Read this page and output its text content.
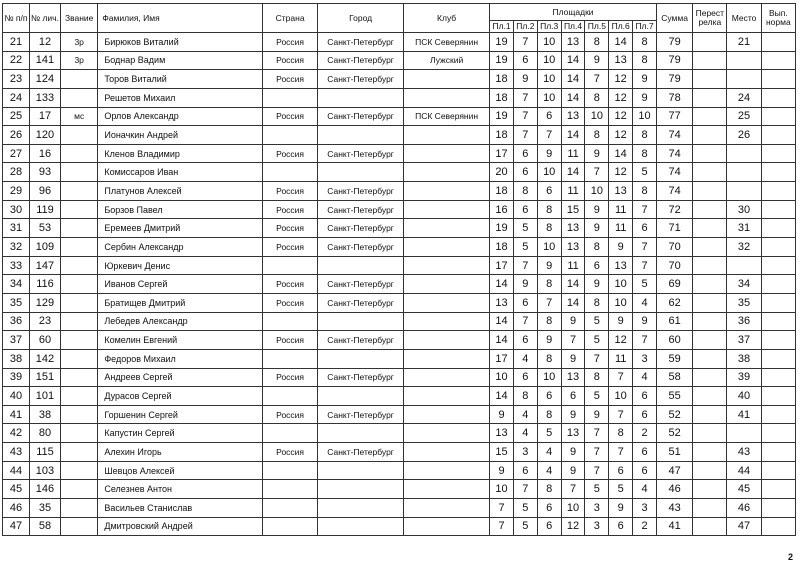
№ п/п	№ лич.	Звание	Фамилия, Имя	Страна	Город	Клуб	Площадки							Сумма	Перест релка	Место	Вып. норма
							Пл.1	Пл.2	Пл.3	Пл.4	Пл.5	Пл.6	Пл.7				
21	12	3р	Бирюков Виталий	Россия	Санкт-Петербург	ПСК Северянин	19	7	10	13	8	14	8	79		21	
22	141	3р	Боднар Вадим	Россия	Санкт-Петербург	Лужский	19	6	10	14	9	13	8	79			
23	124		Торов Виталий	Россия	Санкт-Петербург		18	9	10	14	7	12	9	79			
24	133		Решетов Михаил				18	7	10	14	8	12	9	78		24	
25	17	мс	Орлов Александр	Россия	Санкт-Петербург	ПСК Северянин	19	7	6	13	10	12	10	77		25	
26	120		Ионачкин Андрей				18	7	7	14	8	12	8	74		26	
27	16		Кленов Владимир	Россия	Санкт-Петербург		17	6	9	11	9	14	8	74			
28	93		Комиссаров Иван				20	6	10	14	7	12	5	74			
29	96		Платунов Алексей	Россия	Санкт-Петербург		18	8	6	11	10	13	8	74			
30	119		Борзов Павел	Россия	Санкт-Петербург		16	6	8	15	9	11	7	72		30	
31	53		Еремеев Дмитрий	Россия	Санкт-Петербург		19	5	8	13	9	11	6	71		31	
32	109		Сербин Александр	Россия	Санкт-Петербург		18	5	10	13	8	9	7	70		32	
33	147		Юркевич Денис				17	7	9	11	6	13	7	70			
34	116		Иванов Сергей	Россия	Санкт-Петербург		14	9	8	14	9	10	5	69		34	
35	129		Братищев Дмитрий	Россия	Санкт-Петербург		13	6	7	14	8	10	4	62		35	
36	23		Лебедев Александр				14	7	8	9	5	9	9	61		36	
37	60		Комелин Евгений	Россия	Санкт-Петербург		14	6	9	7	5	12	7	60		37	
38	142		Федоров Михаил				17	4	8	9	7	11	3	59		38	
39	151		Андреев Сергей	Россия	Санкт-Петербург		10	6	10	13	8	7	4	58		39	
40	101		Дурасов Сергей				14	8	6	6	5	10	6	55		40	
41	38		Горшенин Сергей	Россия	Санкт-Петербург		9	4	8	9	9	7	6	52		41	
42	80		Капустин Сергей				13	4	5	13	7	8	2	52			
43	115		Алехин Игорь	Россия	Санкт-Петербург		15	3	4	9	7	7	6	51		43	
44	103		Шевцов Алексей				9	6	4	9	7	6	6	47		44	
45	146		Селезнев Антон				10	7	8	7	5	5	4	46		45	
46	35		Васильев Станислав				7	5	6	10	3	9	3	43		46	
47	58		Дмитровский Андрей				7	5	6	12	3	6	2	41		47	
2
